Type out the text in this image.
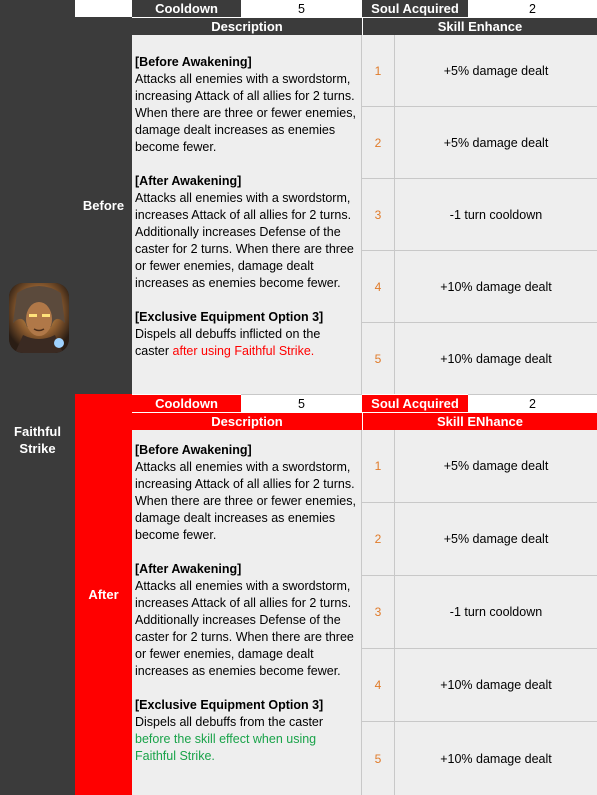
Faithful Strike
Before
Cooldown	5	Soul Acquired	2
Description	Skill Enhance
[Before Awakening]
Attacks all enemies with a swordstorm, increasing Attack of all allies for 2 turns. When there are three or fewer enemies, damage dealt increases as enemies become fewer.
[After Awakening]
Attacks all enemies with a swordstorm, increases Attack of all allies for 2 turns. Additionally increases Defense of the caster for 2 turns. When there are three or fewer enemies, damage dealt increases as enemies become fewer.
[Exclusive Equipment Option 3]
Dispels all debuffs inflicted on the caster after using Faithful Strike.
1	+5% damage dealt
2	+5% damage dealt
3	-1 turn cooldown
4	+10% damage dealt
5	+10% damage dealt
After
Cooldown	5	Soul Acquired	2
Description	Skill ENhance
[Before Awakening]
Attacks all enemies with a swordstorm, increasing Attack of all allies for 2 turns. When there are three or fewer enemies, damage dealt increases as enemies become fewer.
[After Awakening]
Attacks all enemies with a swordstorm, increases Attack of all allies for 2 turns. Additionally increases Defense of the caster for 2 turns. When there are three or fewer enemies, damage dealt increases as enemies become fewer.
[Exclusive Equipment Option 3]
Dispels all debuffs from the caster before the skill effect when using Faithful Strike.
1	+5% damage dealt
2	+5% damage dealt
3	-1 turn cooldown
4	+10% damage dealt
5	+10% damage dealt
